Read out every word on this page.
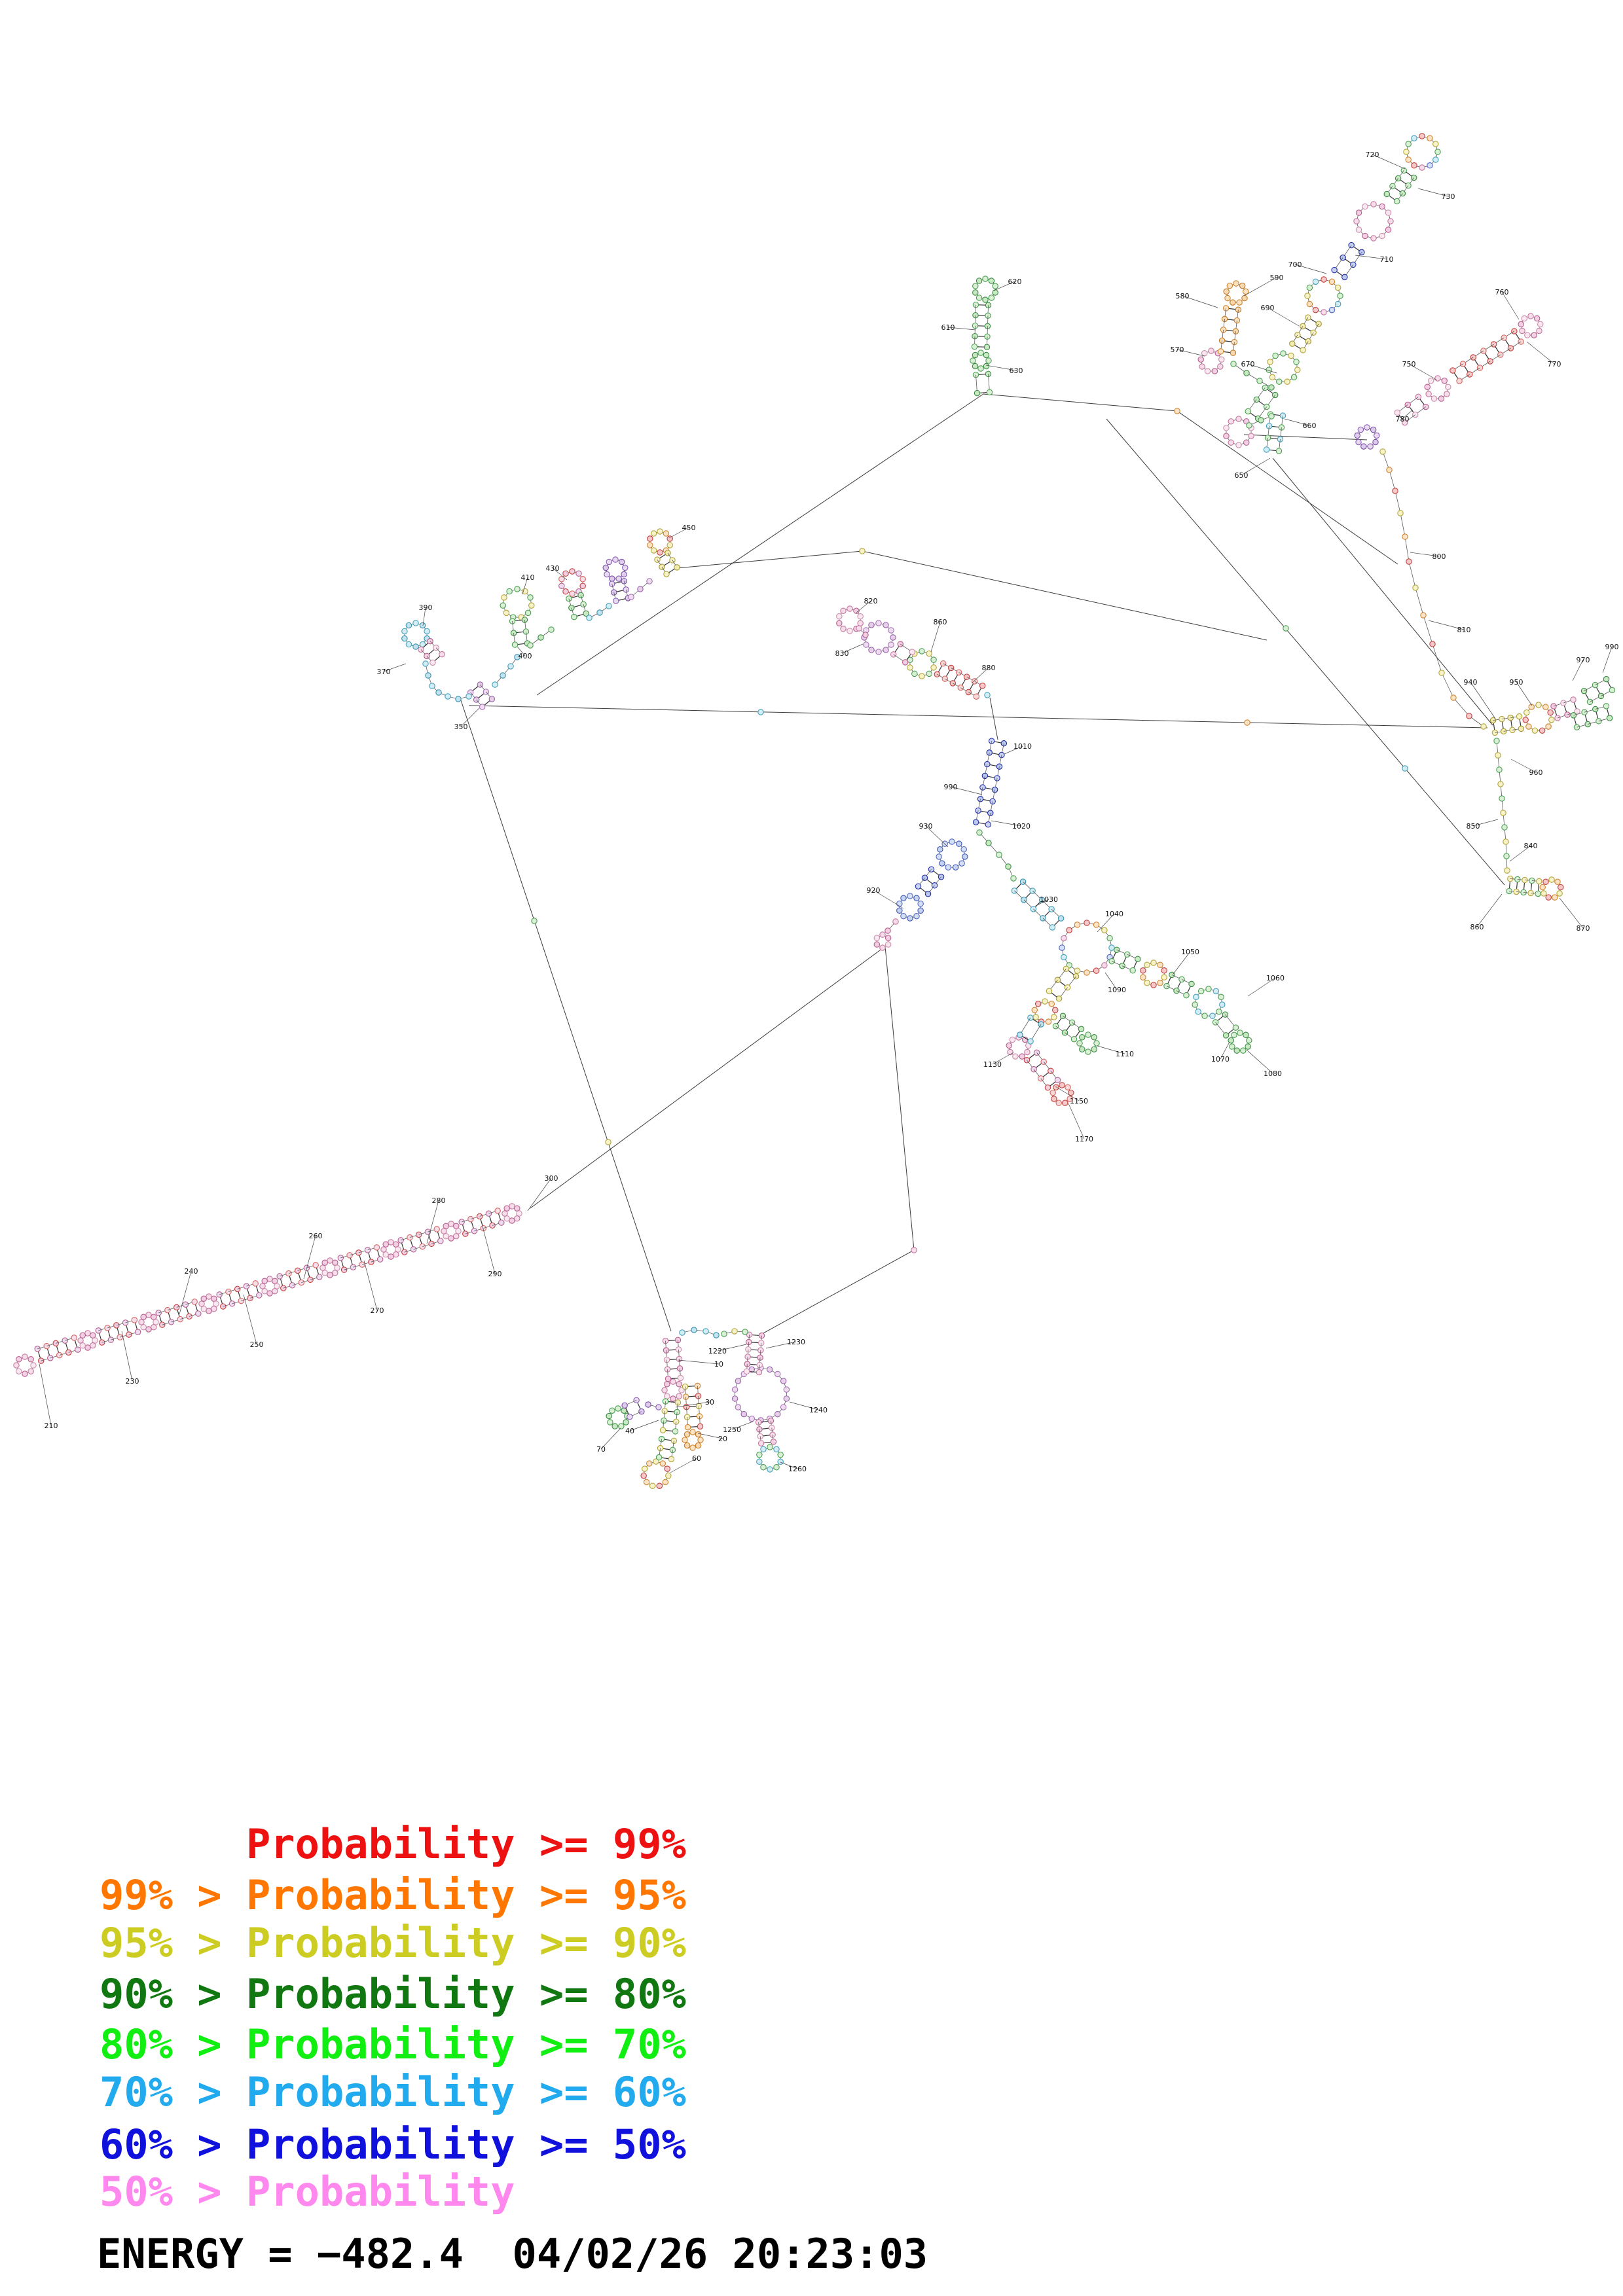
720
730
710
700
690
670
660
650
760
750	770
780
800
810
620
610
630
580
590
570
940	950
970
990
960
850
840
860	870
350
370
390
400
410
430
450
820
830
860
880
210
230
250
270
290
240
260
280
300
1010
990
1020
930
920
1030
1040
1050
1060
1070
1080
1090
1110
1130
1150
1170
10
30
40
20
60
70
1220
1230
1240
1250
1260
Probability >= 99%
99% > Probability >= 95%
95% > Probability >= 90%
90% > Probability >= 80%
80% > Probability >= 70%
70% > Probability >= 60%
60% > Probability >= 50%
50% > Probability
ENERGY = −482.4  04/02/26 20:23:03
